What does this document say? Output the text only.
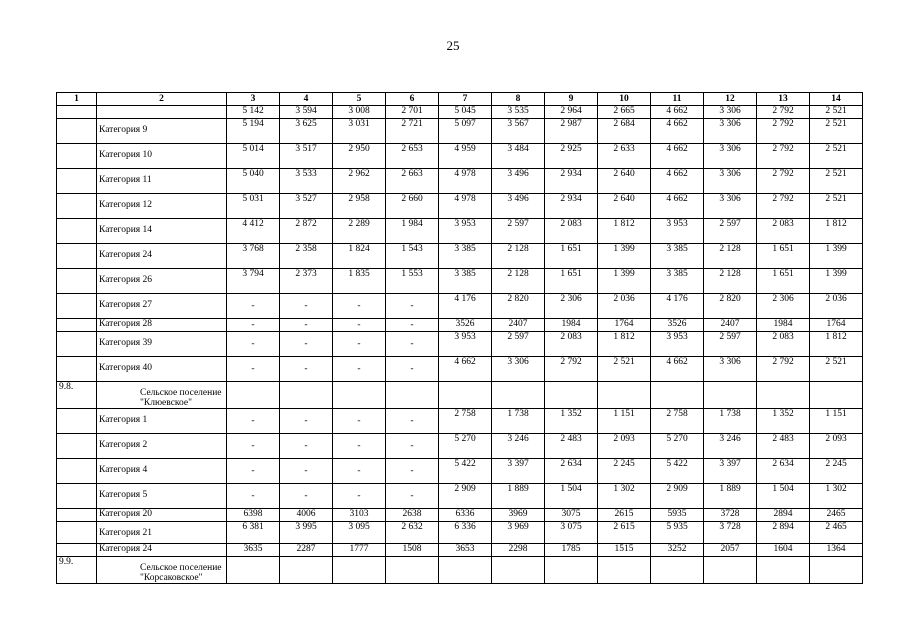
25
1	2	3	4	5	6	7	8	9	10	11	12	13	14
		5 142	3 594	3 008	2 701	5 045	3 535	2 964	2 665	4 662	3 306	2 792	2 521
	Категория 9	5 194	3 625	3 031	2 721	5 097	3 567	2 987	2 684	4 662	3 306	2 792	2 521
	Категория 10	5 014	3 517	2 950	2 653	4 959	3 484	2 925	2 633	4 662	3 306	2 792	2 521
	Категория 11	5 040	3 533	2 962	2 663	4 978	3 496	2 934	2 640	4 662	3 306	2 792	2 521
	Категория 12	5 031	3 527	2 958	2 660	4 978	3 496	2 934	2 640	4 662	3 306	2 792	2 521
	Категория 14	4 412	2 872	2 289	1 984	3 953	2 597	2 083	1 812	3 953	2 597	2 083	1 812
	Категория 24	3 768	2 358	1 824	1 543	3 385	2 128	1 651	1 399	3 385	2 128	1 651	1 399
	Категория 26	3 794	2 373	1 835	1 553	3 385	2 128	1 651	1 399	3 385	2 128	1 651	1 399
	Категория 27	-	-	-	-	4 176	2 820	2 306	2 036	4 176	2 820	2 306	2 036
	Категория 28	-	-	-	-	3526	2407	1984	1764	3526	2407	1984	1764
	Категория 39	-	-	-	-	3 953	2 597	2 083	1 812	3 953	2 597	2 083	1 812
	Категория 40	-	-	-	-	4 662	3 306	2 792	2 521	4 662	3 306	2 792	2 521
9.8.	Сельское поселение "Клюевское"												
	Категория 1	-	-	-	-	2 758	1 738	1 352	1 151	2 758	1 738	1 352	1 151
	Категория 2	-	-	-	-	5 270	3 246	2 483	2 093	5 270	3 246	2 483	2 093
	Категория 4	-	-	-	-	5 422	3 397	2 634	2 245	5 422	3 397	2 634	2 245
	Категория 5	-	-	-	-	2 909	1 889	1 504	1 302	2 909	1 889	1 504	1 302
	Категория 20	6398	4006	3103	2638	6336	3969	3075	2615	5935	3728	2894	2465
	Категория 21	6 381	3 995	3 095	2 632	6 336	3 969	3 075	2 615	5 935	3 728	2 894	2 465
	Категория 24	3635	2287	1777	1508	3653	2298	1785	1515	3252	2057	1604	1364
9.9.	Сельское поселение "Корсаковское"												
